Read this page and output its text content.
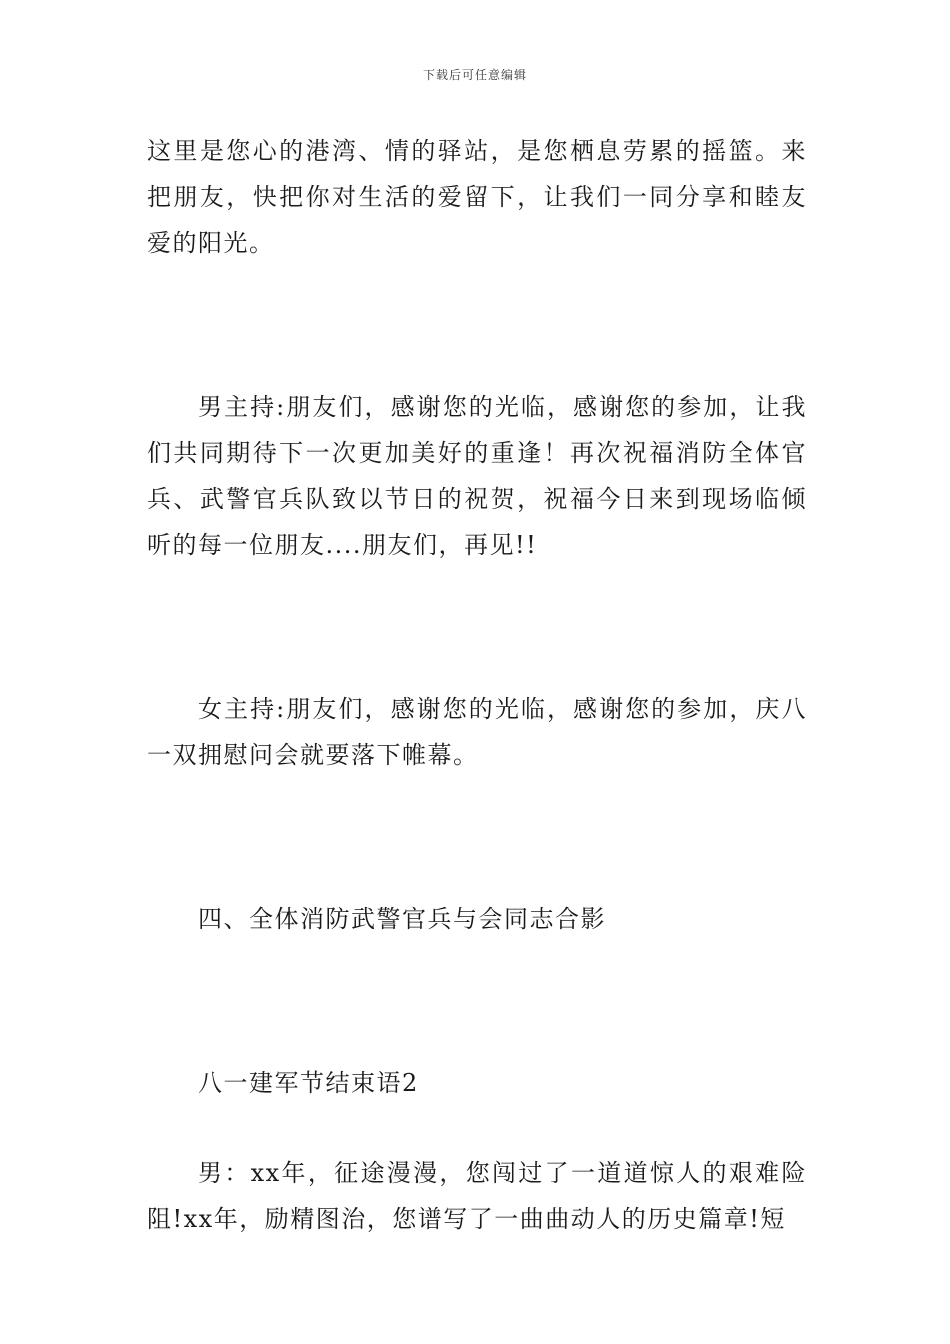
下载后可任意编辑

这里是您心的港湾、情的驿站，是您栖息劳累的摇篮。来把朋友，快把你对生活的爱留下，让我们一同分享和睦友爱的阳光。

男主持:朋友们，感谢您的光临，感谢您的参加，让我们共同期待下一次更加美好的重逢！再次祝福消防全体官兵、武警官兵队致以节日的祝贺，祝福今日来到现场临倾听的每一位朋友....朋友们，再见!!

女主持:朋友们，感谢您的光临，感谢您的参加，庆八一双拥慰问会就要落下帷幕。

四、全体消防武警官兵与会同志合影

八一建军节结束语2

男：xx年，征途漫漫，您闯过了一道道惊人的艰难险阻!xx年，励精图治，您谱写了一曲曲动人的历史篇章!短
